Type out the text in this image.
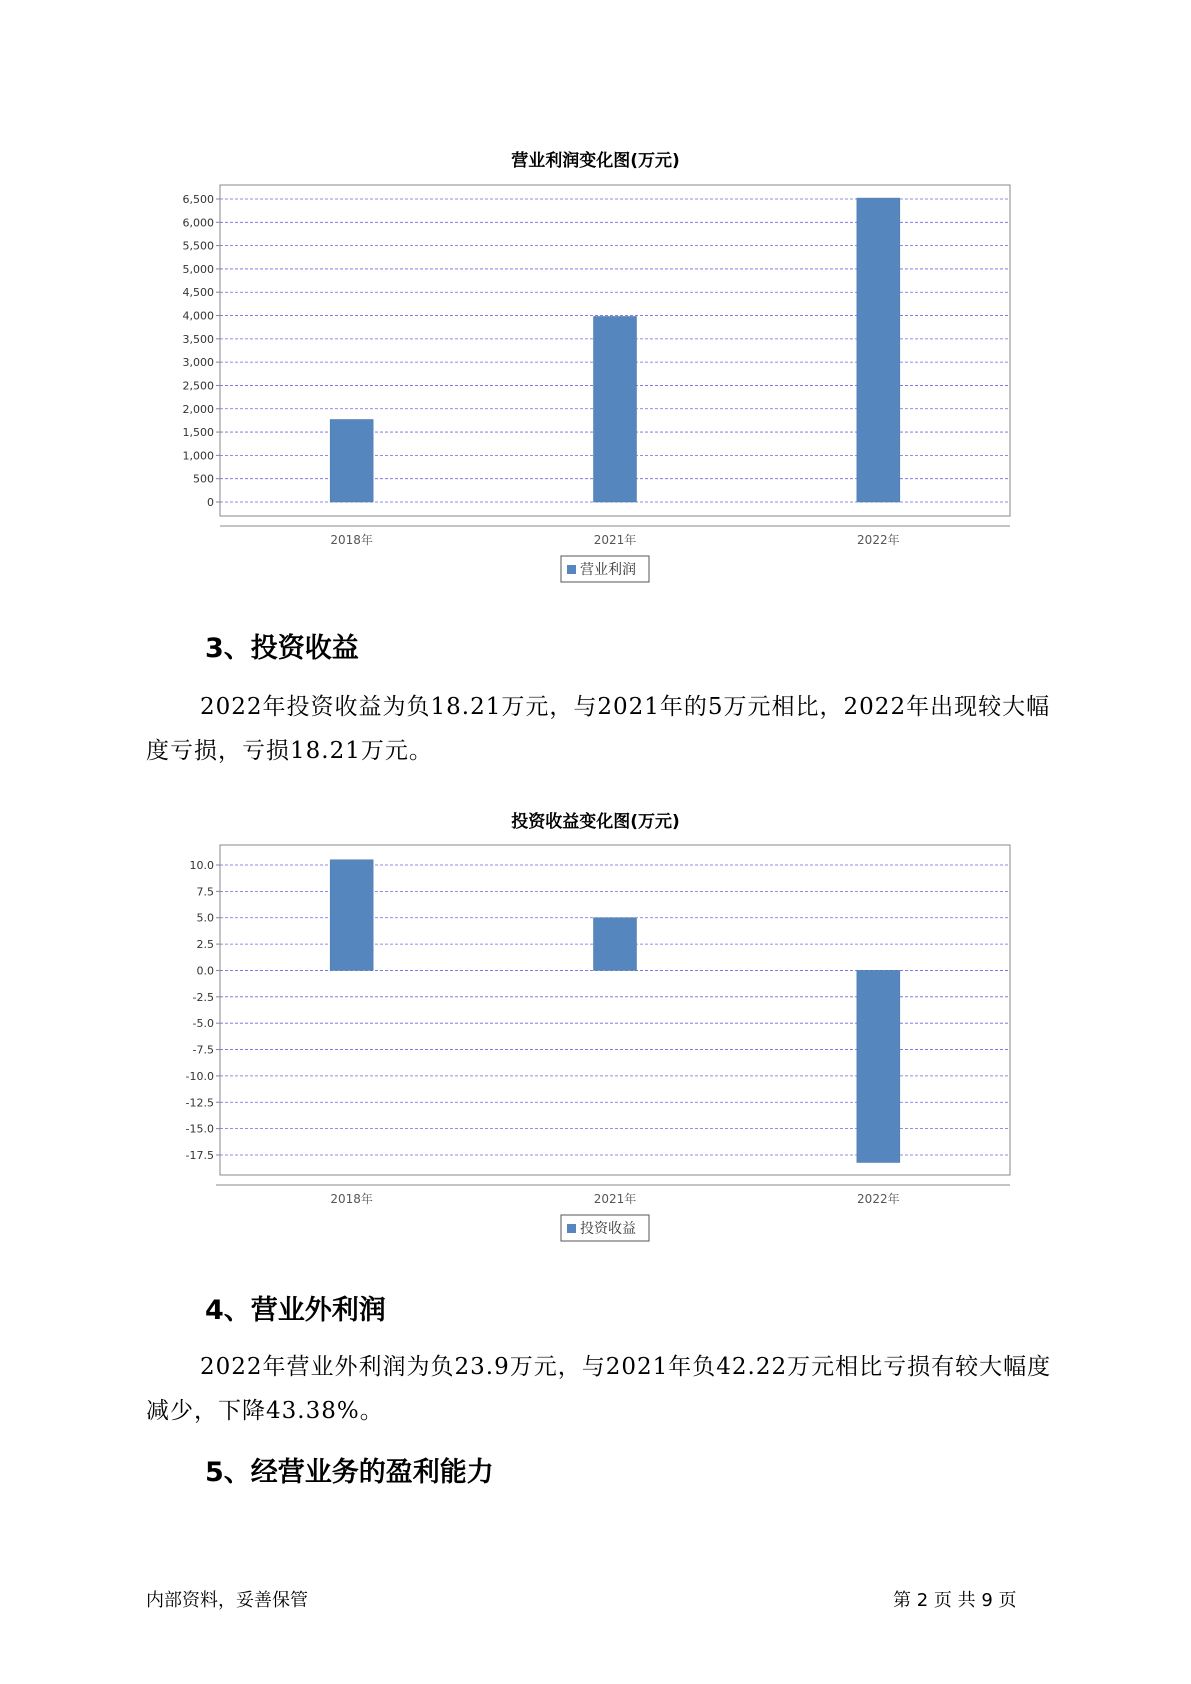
营业利润变化图(万元)
0
500
1,000
1,500
2,000
2,500
3,000
3,500
4,000
4,500
5,000
5,500
6,000
6,500
2018年	2021年	2022年
营业利润
3、投资收益

2022年投资收益为负18.21万元，与2021年的5万元相比，2022年出现较大幅度亏损，亏损18.21万元。

投资收益变化图(万元)
10.0
7.5
5.0
2.5
0.0
-2.5
-5.0
-7.5
-10.0
-12.5
-15.0
-17.5
2018年	2021年	2022年
投资收益
4、营业外利润

2022年营业外利润为负23.9万元，与2021年负42.22万元相比亏损有较大幅度减少，下降43.38%。

5、经营业务的盈利能力
内部资料，妥善保管	第 2 页 共 9 页
